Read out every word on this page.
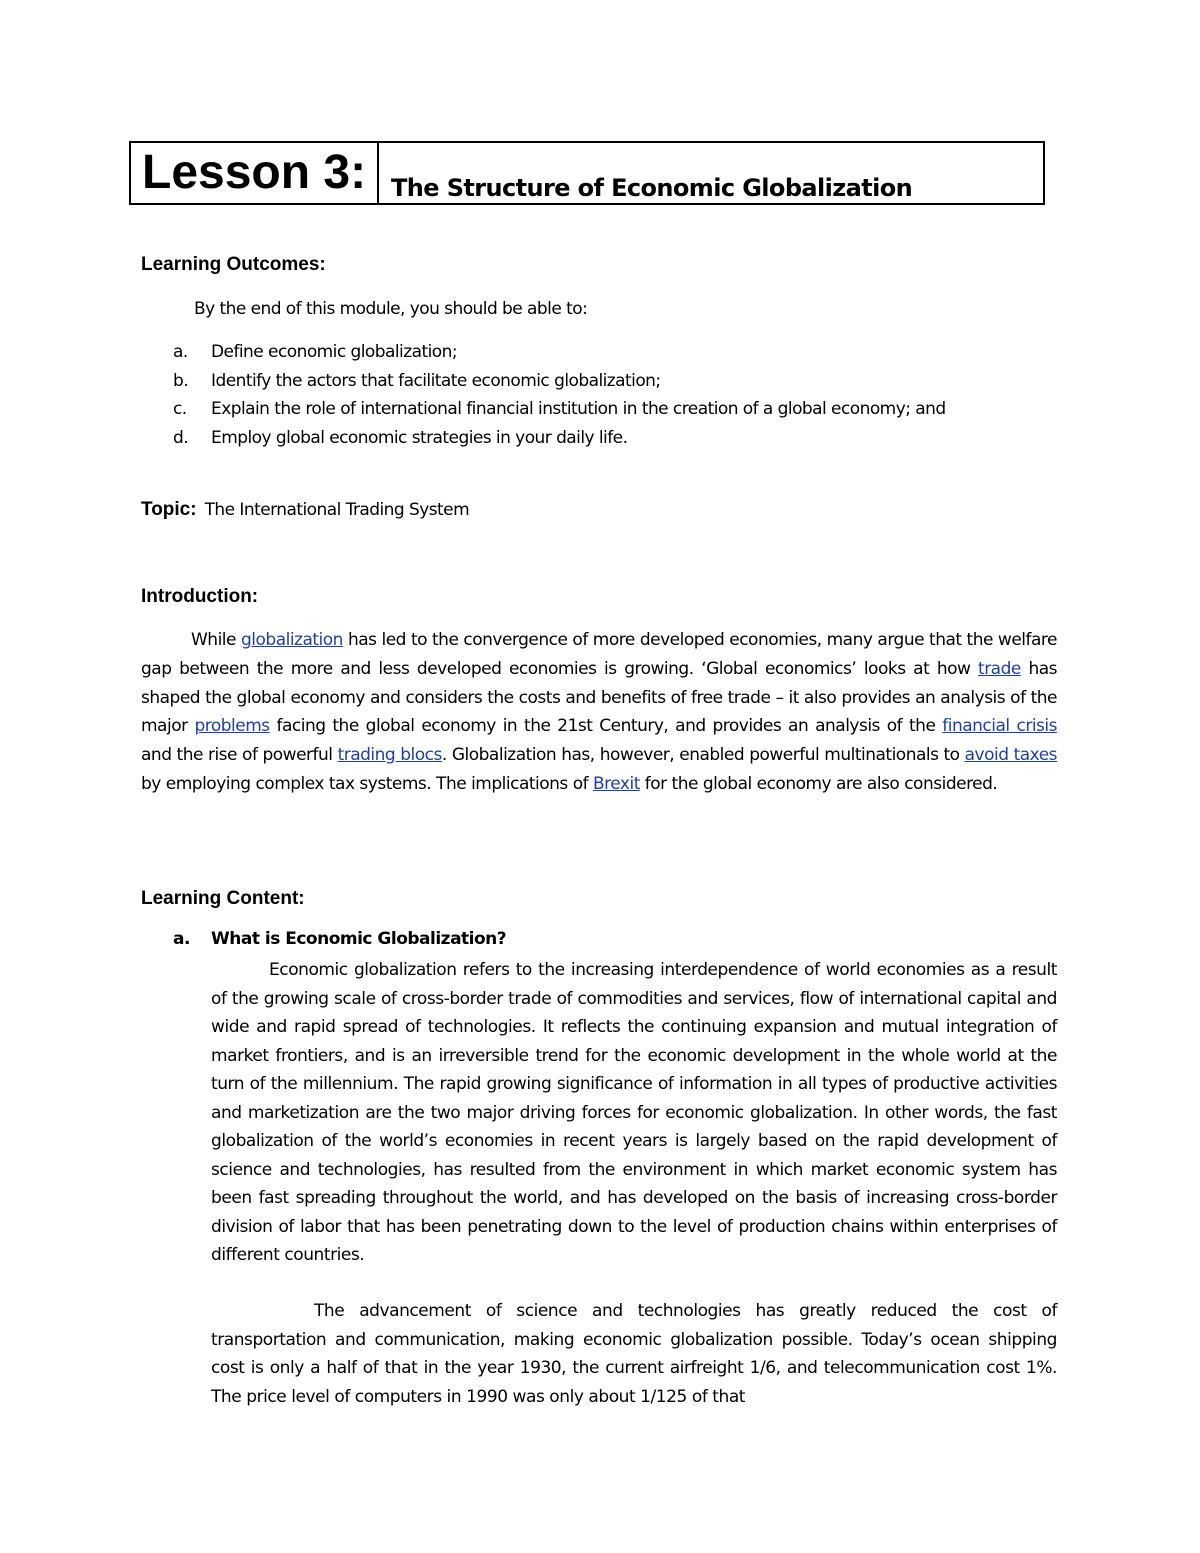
Lesson 3:	The Structure of Economic Globalization
Learning Outcomes:
By the end of this module, you should be able to:
a. Define economic globalization;
b. Identify the actors that facilitate economic globalization;
c. Explain the role of international financial institution in the creation of a global economy; and
d. Employ global economic strategies in your daily life.
Topic: The International Trading System
Introduction:
While globalization has led to the convergence of more developed economies, many argue that the welfare gap between the more and less developed economies is growing. ‘Global economics’ looks at how trade has shaped the global economy and considers the costs and benefits of free trade – it also provides an analysis of the major problems facing the global economy in the 21st Century, and provides an analysis of the financial crisis and the rise of powerful trading blocs. Globalization has, however, enabled powerful multinationals to avoid taxes by employing complex tax systems. The implications of Brexit for the global economy are also considered.
Learning Content:
a. What is Economic Globalization?
Economic globalization refers to the increasing interdependence of world economies as a result of the growing scale of cross-border trade of commodities and services, flow of international capital and wide and rapid spread of technologies. It reflects the continuing expansion and mutual integration of market frontiers, and is an irreversible trend for the economic development in the whole world at the turn of the millennium. The rapid growing significance of information in all types of productive activities and marketization are the two major driving forces for economic globalization. In other words, the fast globalization of the world’s economies in recent years is largely based on the rapid development of science and technologies, has resulted from the environment in which market economic system has been fast spreading throughout the world, and has developed on the basis of increasing cross-border division of labor that has been penetrating down to the level of production chains within enterprises of different countries.
The advancement of science and technologies has greatly reduced the cost of transportation and communication, making economic globalization possible. Today’s ocean shipping cost is only a half of that in the year 1930, the current airfreight 1/6, and telecommunication cost 1%. The price level of computers in 1990 was only about 1/125 of that
